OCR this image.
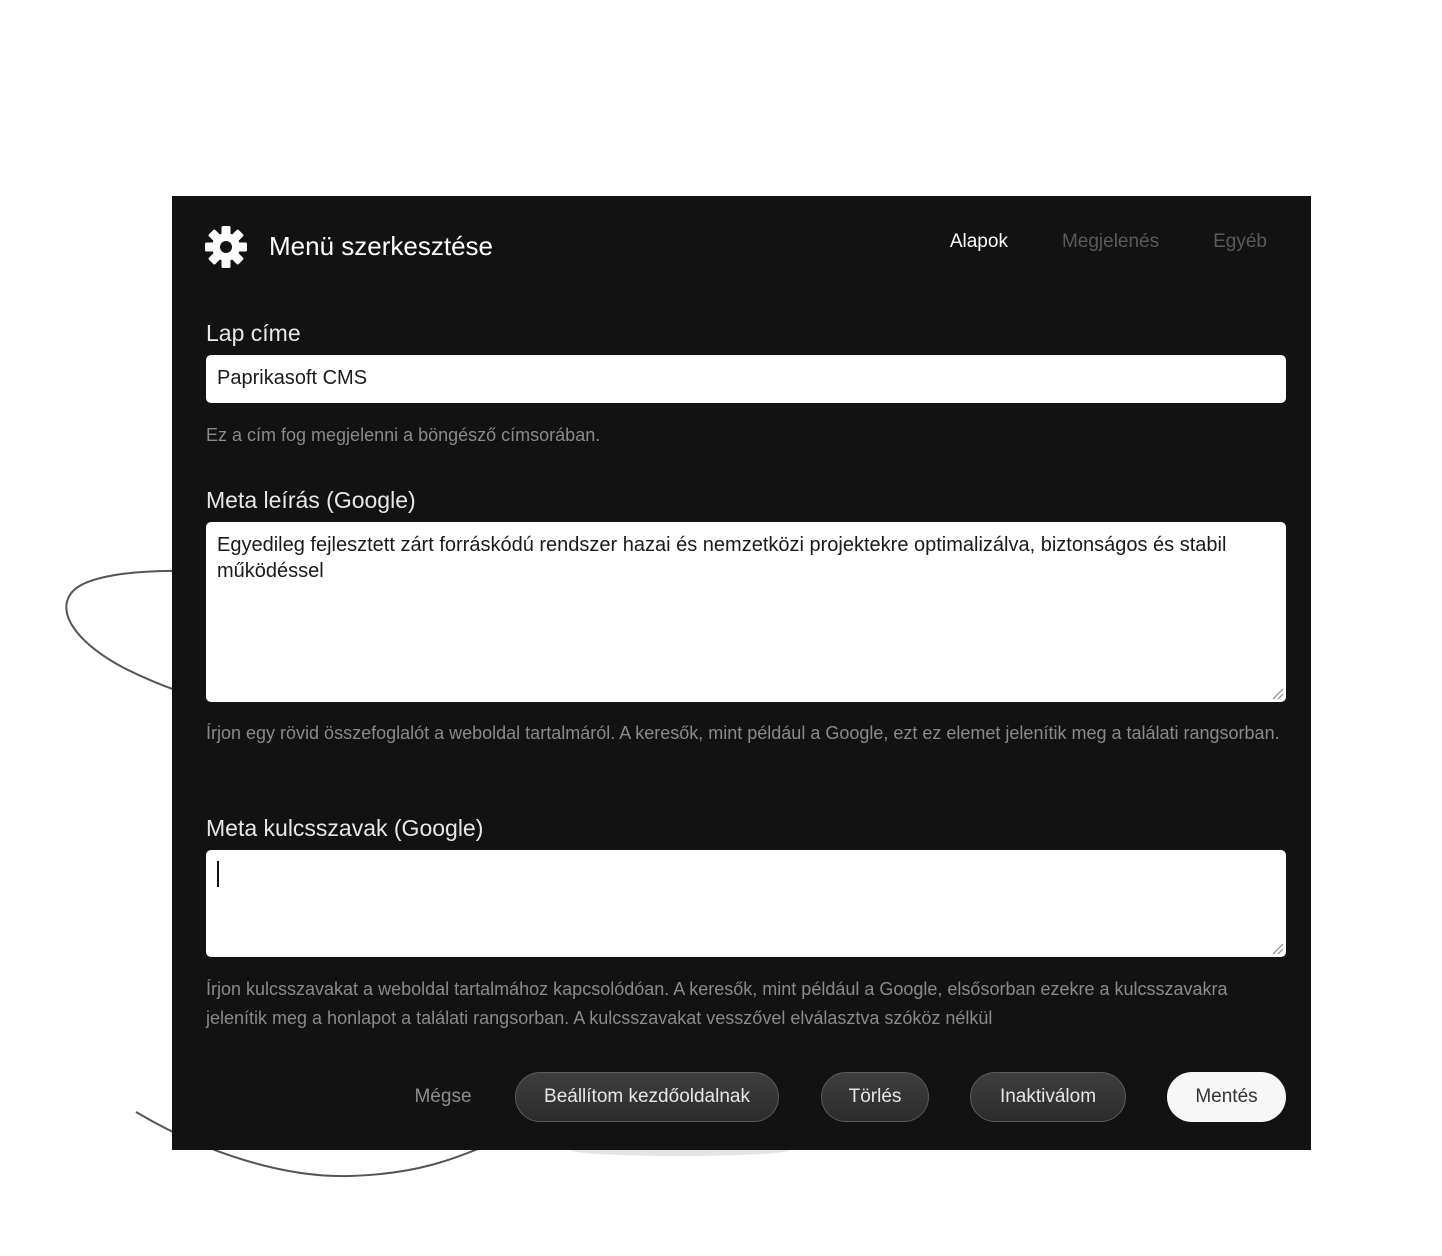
Menü szerkesztése	Alapok	Megjelenés	Egyéb
Lap címe
Paprikasoft CMS
Ez a cím fog megjelenni a böngésző címsorában.
Meta leírás (Google)
Egyedileg fejlesztett zárt forráskódú rendszer hazai és nemzetközi projektekre optimalizálva, biztonságos és stabil működéssel
Írjon egy rövid összefoglalót a weboldal tartalmáról. A keresők, mint például a Google, ezt ez elemet jelenítik meg a találati rangsorban.
Meta kulcsszavak (Google)
Írjon kulcsszavakat a weboldal tartalmához kapcsolódóan. A keresők, mint például a Google, elsősorban ezekre a kulcsszavakra jelenítik meg a honlapot a találati rangsorban. A kulcsszavakat vesszővel elválasztva szóköz nélkül
Mégse	Beállítom kezdőoldalnak	Törlés	Inaktiválom	Mentés
